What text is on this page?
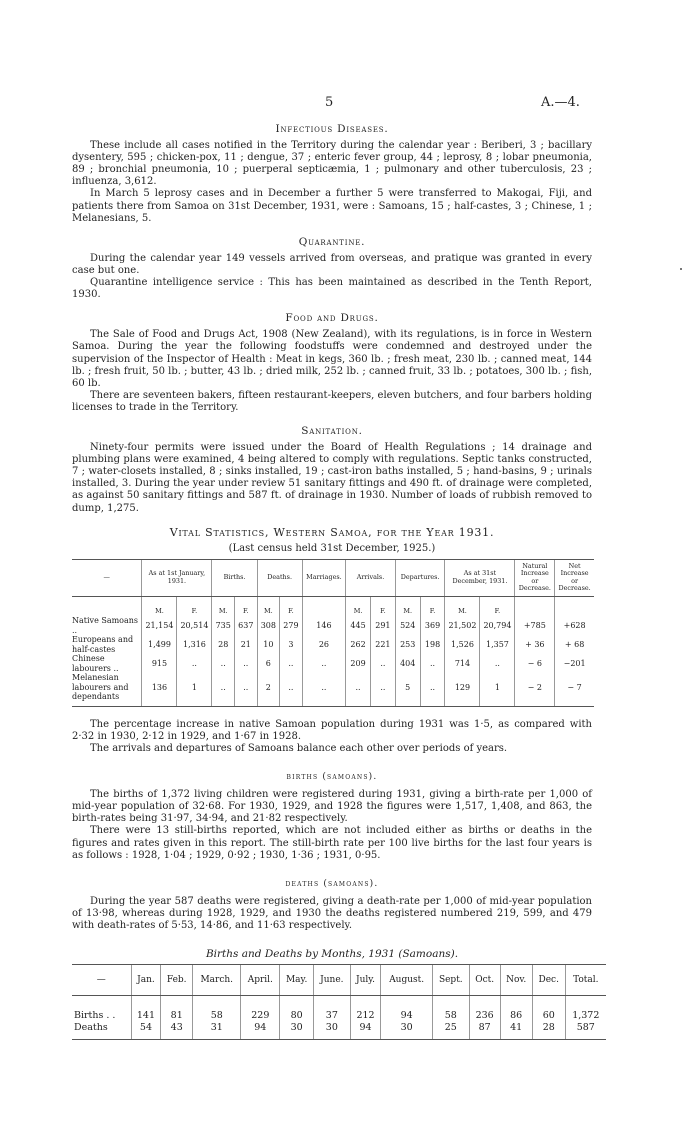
5	A.—4.
Infectious Diseases.

These include all cases notified in the Territory during the calendar year : Beriberi, 3 ; bacillary dysentery, 595 ; chicken-pox, 11 ; dengue, 37 ; enteric fever group, 44 ; leprosy, 8 ; lobar pneumonia, 89 ; bronchial pneumonia, 10 ; puerperal septicæmia, 1 ; pulmonary and other tuberculosis, 23 ; influenza, 3,612.

In March 5 leprosy cases and in December a further 5 were transferred to Makogai, Fiji, and patients there from Samoa on 31st December, 1931, were : Samoans, 15 ; half-castes, 3 ; Chinese, 1 ; Melanesians, 5.

Quarantine.

During the calendar year 149 vessels arrived from overseas, and pratique was granted in every case but one.

Quarantine intelligence service : This has been maintained as described in the Tenth Report, 1930.

Food and Drugs.

The Sale of Food and Drugs Act, 1908 (New Zealand), with its regulations, is in force in Western Samoa. During the year the following foodstuffs were condemned and destroyed under the supervision of the Inspector of Health : Meat in kegs, 360 lb. ; fresh meat, 230 lb. ; canned meat, 144 lb. ; fresh fruit, 50 lb. ; butter, 43 lb. ; dried milk, 252 lb. ; canned fruit, 33 lb. ; potatoes, 300 lb. ; fish, 60 lb.

There are seventeen bakers, fifteen restaurant-keepers, eleven butchers, and four barbers holding licenses to trade in the Territory.

Sanitation.

Ninety-four permits were issued under the Board of Health Regulations ; 14 drainage and plumbing plans were examined, 4 being altered to comply with regulations. Septic tanks constructed, 7 ; water-closets installed, 8 ; sinks installed, 19 ; cast-iron baths installed, 5 ; hand-basins, 9 ; urinals installed, 3. During the year under review 51 sanitary fittings and 490 ft. of drainage were completed, as against 50 sanitary fittings and 587 ft. of drainage in 1930. Number of loads of rubbish removed to dump, 1,275.

Vital Statistics, Western Samoa, for the Year 1931.
(Last census held 31st December, 1925.)
—	As at 1st January, 1931.		Births.		Deaths.		Marriages.	Arrivals.		Departures.		As at 31st December, 1931.		Natural Increase or Decrease.	Net Increase or Decrease.
	M.	F.	M.	F.	M.	F.		M.	F.	M.	F.	M.	F.		
Native Samoans ..	21,154	20,514	735	637	308	279	146	445	291	524	369	21,502	20,794	+785	+628
Europeans and half-castes	1,499	1,316	28	21	10	3	26	262	221	253	198	1,526	1,357	+ 36	+ 68
Chinese labourers ..	915	..	..	..	6	..	..	209	..	404	..	714	..	− 6	−201
Melanesian labourers and dependants	136	1	..	..	2	..	..	..	..	5	..	129	1	− 2	− 7

The percentage increase in native Samoan population during 1931 was 1·5, as compared with 2·32 in 1930, 2·12 in 1929, and 1·67 in 1928.

The arrivals and departures of Samoans balance each other over periods of years.

births (samoans).

The births of 1,372 living children were registered during 1931, giving a birth-rate per 1,000 of mid-year population of 32·68. For 1930, 1929, and 1928 the figures were 1,517, 1,408, and 863, the birth-rates being 31·97, 34·94, and 21·82 respectively.

There were 13 still-births reported, which are not included either as births or deaths in the figures and rates given in this report. The still-birth rate per 100 live births for the last four years is as follows : 1928, 1·04 ; 1929, 0·92 ; 1930, 1·36 ; 1931, 0·95.

deaths (samoans).

During the year 587 deaths were registered, giving a death-rate per 1,000 of mid-year population of 13·98, whereas during 1928, 1929, and 1930 the deaths registered numbered 219, 599, and 479 with death-rates of 5·53, 14·86, and 11·63 respectively.

Births and Deaths by Months, 1931 (Samoans).
—	Jan.	Feb.	March.	April.	May.	June.	July.	August.	Sept.	Oct.	Nov.	Dec.	Total.
Births . .	141	81	58	229	80	37	212	94	58	236	86	60	1,372
Deaths	54	43	31	94	30	30	94	30	25	87	41	28	587
